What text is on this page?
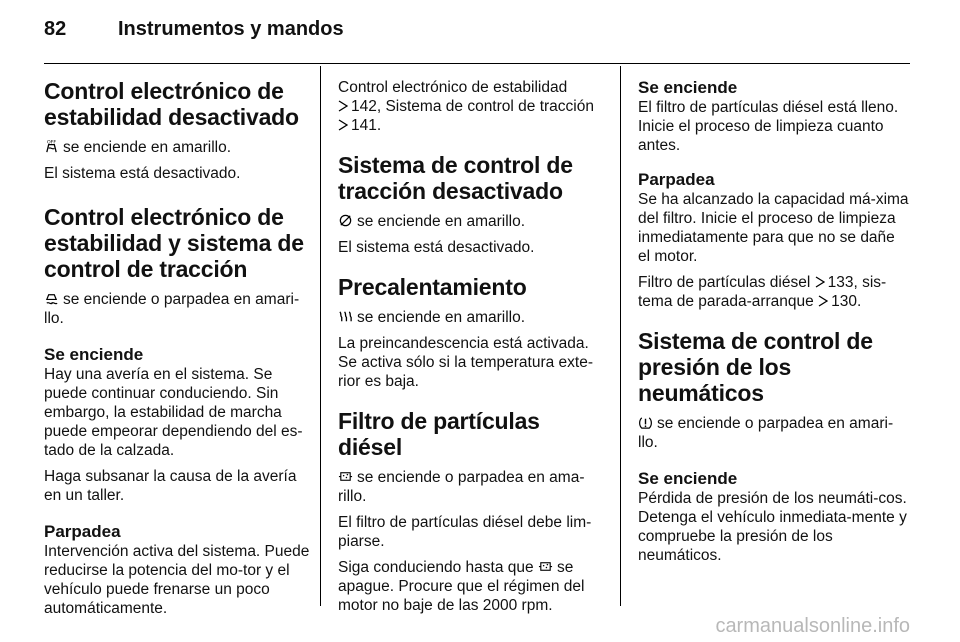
82	Instrumentos y mandos
Control electrónico de estabilidad desactivado

OFF se enciende en amarillo.

El sistema está desactivado.

Control electrónico de estabilidad y sistema de control de tracción

se enciende o parpadea en amari-llo.

Se enciende

Hay una avería en el sistema. Se puede continuar conduciendo. Sin embargo, la estabilidad de marcha puede empeorar dependiendo del es-tado de la calzada.

Haga subsanar la causa de la avería en un taller.

Parpadea

Intervención activa del sistema. Puede reducirse la potencia del mo-tor y el vehículo puede frenarse un poco automáticamente.

Control electrónico de estabilidad

142, Sistema de control de tracción

141.

Sistema de control de tracción desactivado

se enciende en amarillo.

El sistema está desactivado.

Precalentamiento

se enciende en amarillo.

La preincandescencia está activada. Se activa sólo si la temperatura exte-rior es baja.

Filtro de partículas diésel

se enciende o parpadea en ama-rillo.

El filtro de partículas diésel debe lim-piarse.

Siga conduciendo hasta que se apague. Procure que el régimen del motor no baje de las 2000 rpm.

Se enciende

El filtro de partículas diésel está lleno. Inicie el proceso de limpieza cuanto antes.

Parpadea

Se ha alcanzado la capacidad má-xima del filtro. Inicie el proceso de limpieza inmediatamente para que no se dañe el motor.

Filtro de partículas diésel 133, sis-tema de parada-arranque 130.

Sistema de control de presión de los neumáticos

se enciende o parpadea en amari-llo.

Se enciende

Pérdida de presión de los neumáti-cos. Detenga el vehículo inmediata-mente y compruebe la presión de los neumáticos.

carmanualsonline.info
